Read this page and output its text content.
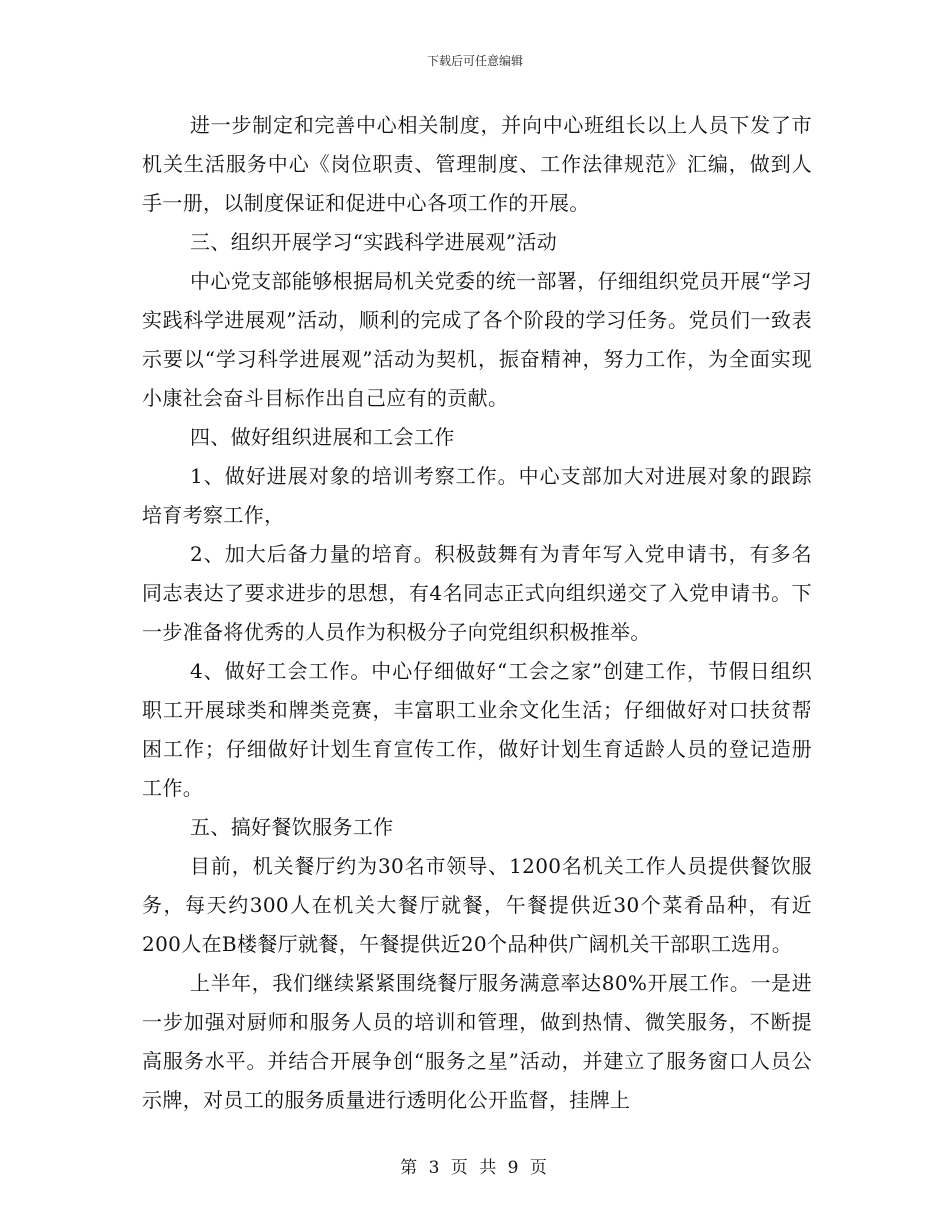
下载后可任意编辑

进一步制定和完善中心相关制度，并向中心班组长以上人员下发了市机关生活服务中心《岗位职责、管理制度、工作法律规范》汇编，做到人手一册，以制度保证和促进中心各项工作的开展。

三、组织开展学习“实践科学进展观”活动

中心党支部能够根据局机关党委的统一部署，仔细组织党员开展“学习实践科学进展观”活动，顺利的完成了各个阶段的学习任务。党员们一致表示要以“学习科学进展观”活动为契机，振奋精神，努力工作，为全面实现小康社会奋斗目标作出自己应有的贡献。

四、做好组织进展和工会工作

1、做好进展对象的培训考察工作。中心支部加大对进展对象的跟踪培育考察工作，

2、加大后备力量的培育。积极鼓舞有为青年写入党申请书，有多名同志表达了要求进步的思想，有4名同志正式向组织递交了入党申请书。下一步准备将优秀的人员作为积极分子向党组织积极推举。

4、做好工会工作。中心仔细做好“工会之家”创建工作，节假日组织职工开展球类和牌类竞赛，丰富职工业余文化生活；仔细做好对口扶贫帮困工作；仔细做好计划生育宣传工作，做好计划生育适龄人员的登记造册工作。

五、搞好餐饮服务工作

目前，机关餐厅约为30名市领导、1200名机关工作人员提供餐饮服务，每天约300人在机关大餐厅就餐，午餐提供近30个菜肴品种，有近200人在B楼餐厅就餐，午餐提供近20个品种供广阔机关干部职工选用。

上半年，我们继续紧紧围绕餐厅服务满意率达80%开展工作。一是进一步加强对厨师和服务人员的培训和管理，做到热情、微笑服务，不断提高服务水平。并结合开展争创“服务之星”活动，并建立了服务窗口人员公示牌，对员工的服务质量进行透明化公开监督，挂牌上

第 3 页 共 9 页
